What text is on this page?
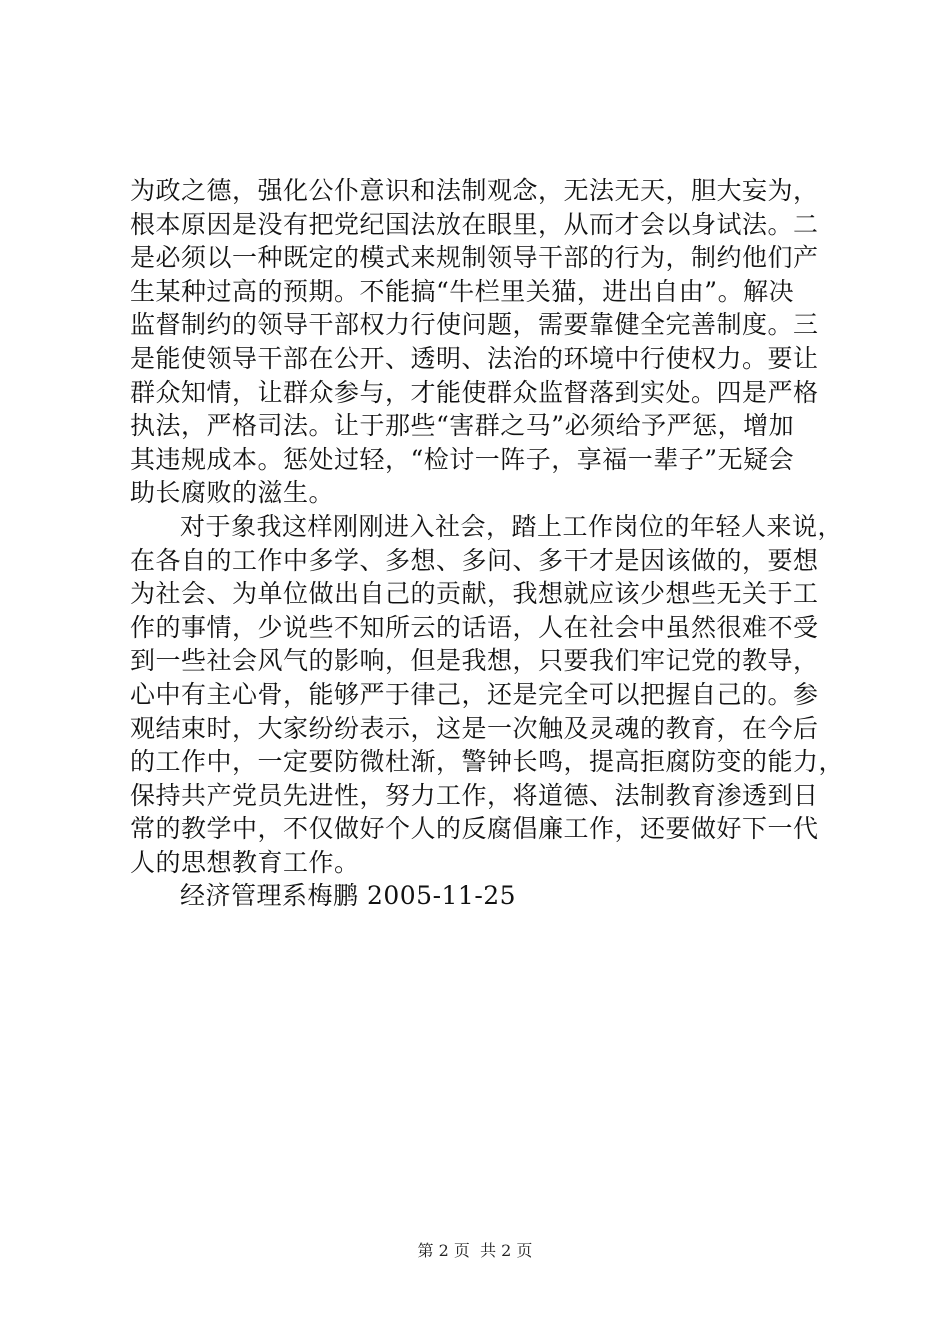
为政之德，强化公仆意识和法制观念，无法无天，胆大妄为，
根本原因是没有把党纪国法放在眼里，从而才会以身试法。二
是必须以一种既定的模式来规制领导干部的行为，制约他们产
生某种过高的预期。不能搞“牛栏里关猫，进出自由”。解决
监督制约的领导干部权力行使问题，需要靠健全完善制度。三
是能使领导干部在公开、透明、法治的环境中行使权力。要让
群众知情，让群众参与，才能使群众监督落到实处。四是严格
执法，严格司法。让于那些“害群之马”必须给予严惩，增加
其违规成本。惩处过轻，“检讨一阵子，享福一辈子”无疑会
助长腐败的滋生。
对于象我这样刚刚进入社会，踏上工作岗位的年轻人来说，
在各自的工作中多学、多想、多问、多干才是因该做的，要想
为社会、为单位做出自己的贡献，我想就应该少想些无关于工
作的事情，少说些不知所云的话语，人在社会中虽然很难不受
到一些社会风气的影响，但是我想，只要我们牢记党的教导，
心中有主心骨，能够严于律己，还是完全可以把握自己的。参
观结束时，大家纷纷表示，这是一次触及灵魂的教育，在今后
的工作中，一定要防微杜渐，警钟长鸣，提高拒腐防变的能力，
保持共产党员先进性，努力工作，将道德、法制教育渗透到日
常的教学中，不仅做好个人的反腐倡廉工作，还要做好下一代
人的思想教育工作。
经济管理系梅鹏 2005-11-25
第 2 页 共 2 页
